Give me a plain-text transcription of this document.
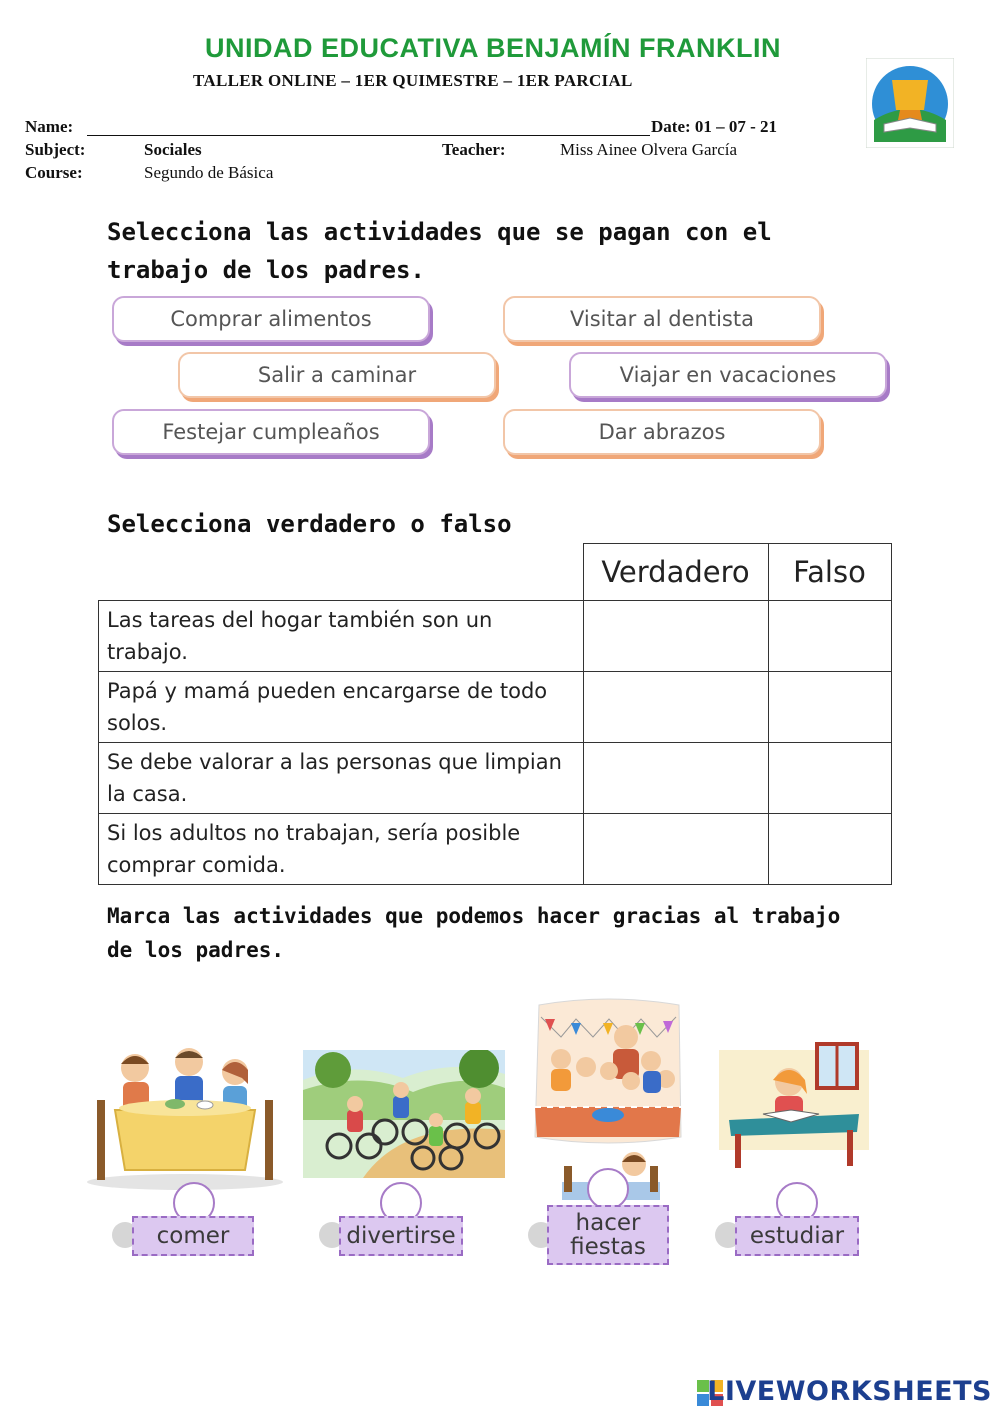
UNIDAD EDUCATIVA BENJAMÍN FRANKLIN
TALLER ONLINE – 1ER QUIMESTRE – 1ER PARCIAL
Name:	Date: 01 – 07 - 21
Subject:	Sociales	Teacher:	Miss Ainee Olvera García
Course:	Segundo de Básica
Selecciona las actividades que se pagan con el trabajo de los padres.
Comprar alimentos	Visitar al dentista
Salir a caminar	Viajar en vacaciones
Festejar cumpleaños	Dar abrazos
Selecciona verdadero o falso
	Verdadero	Falso
Las tareas del hogar también son un trabajo.		
Papá y mamá pueden encargarse de todo solos.		
Se debe valorar a las personas que limpian la casa.		
Si los adultos no trabajan, sería posible comprar comida.		
Marca las actividades que podemos hacer gracias al trabajo de los padres.
comer	divertirse	hacer fiestas	estudiar
LIVEWORKSHEETS
